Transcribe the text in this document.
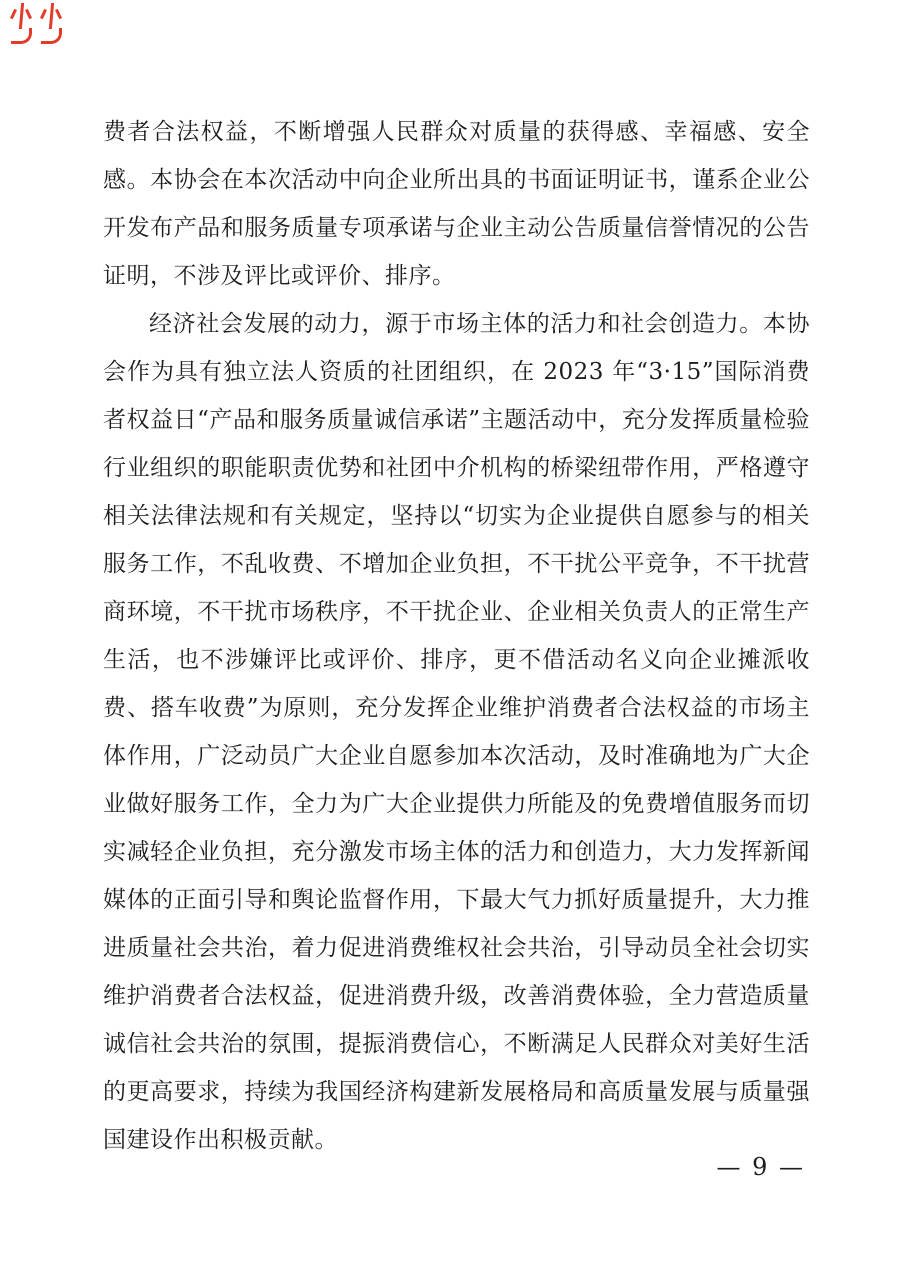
费者合法权益，不断增强人民群众对质量的获得感、幸福感、安全感。本协会在本次活动中向企业所出具的书面证明证书，谨系企业公开发布产品和服务质量专项承诺与企业主动公告质量信誉情况的公告证明，不涉及评比或评价、排序。

经济社会发展的动力，源于市场主体的活力和社会创造力。本协会作为具有独立法人资质的社团组织，在 2023 年“3·15”国际消费者权益日“产品和服务质量诚信承诺”主题活动中，充分发挥质量检验行业组织的职能职责优势和社团中介机构的桥梁纽带作用，严格遵守相关法律法规和有关规定，坚持以“切实为企业提供自愿参与的相关服务工作，不乱收费、不增加企业负担，不干扰公平竞争，不干扰营商环境，不干扰市场秩序，不干扰企业、企业相关负责人的正常生产生活，也不涉嫌评比或评价、排序，更不借活动名义向企业摊派收费、搭车收费”为原则，充分发挥企业维护消费者合法权益的市场主体作用，广泛动员广大企业自愿参加本次活动，及时准确地为广大企业做好服务工作，全力为广大企业提供力所能及的免费增值服务而切实减轻企业负担，充分激发市场主体的活力和创造力，大力发挥新闻媒体的正面引导和舆论监督作用，下最大气力抓好质量提升，大力推进质量社会共治，着力促进消费维权社会共治，引导动员全社会切实维护消费者合法权益，促进消费升级，改善消费体验，全力营造质量诚信社会共治的氛围，提振消费信心，不断满足人民群众对美好生活的更高要求，持续为我国经济构建新发展格局和高质量发展与质量强国建设作出积极贡献。

— 9 —
